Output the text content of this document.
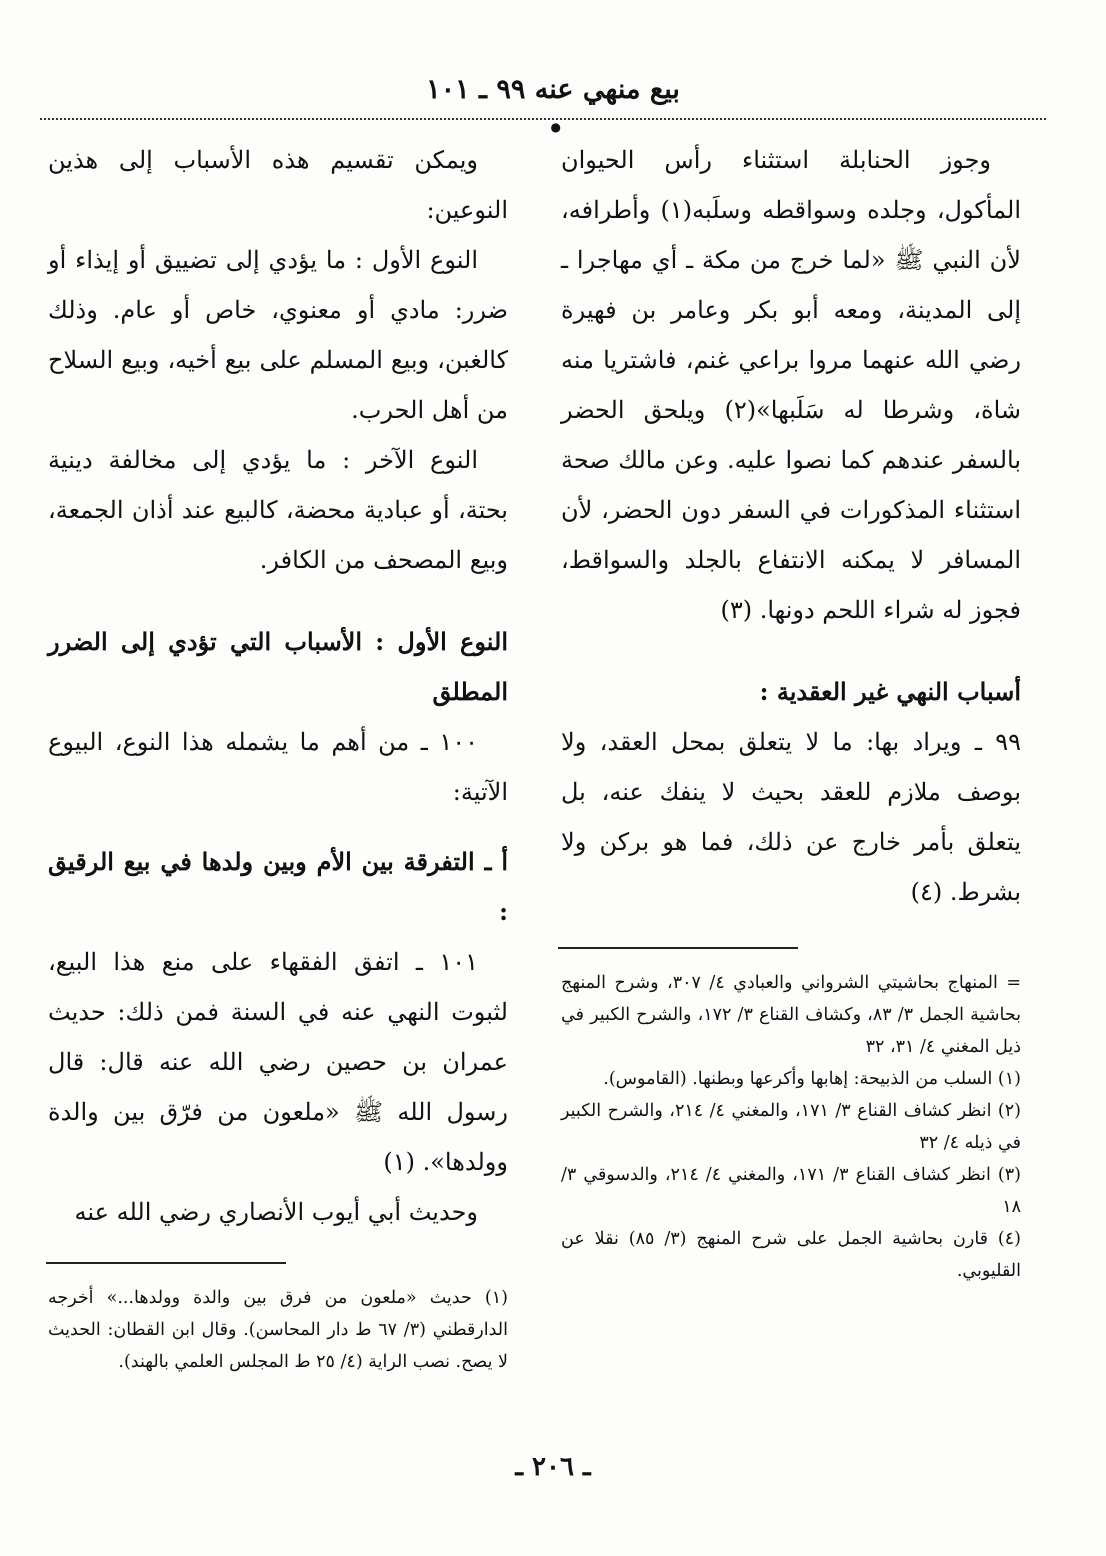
بيع منهي عنه ٩٩ ـ ١٠١
●

وجوز الحنابلة استثناء رأس الحيوان المأكول، وجلده وسواقطه وسلَبه(١) وأطرافه، لأن النبي ﷺ «لما خرج من مكة ـ أي مهاجرا ـ إلى المدينة، ومعه أبو بكر وعامر بن فهيرة رضي الله عنهما مروا براعي غنم، فاشتريا منه شاة، وشرطا له سَلَبها»(٢) ويلحق الحضر بالسفر عندهم كما نصوا عليه. وعن مالك صحة استثناء المذكورات في السفر دون الحضر، لأن المسافر لا يمكنه الانتفاع بالجلد والسواقط، فجوز له شراء اللحم دونها. (٣)

أسباب النهي غير العقدية :

٩٩ ـ ويراد بها: ما لا يتعلق بمحل العقد، ولا بوصف ملازم للعقد بحيث لا ينفك عنه، بل يتعلق بأمر خارج عن ذلك، فما هو بركن ولا بشرط. (٤)

= المنهاج بحاشيتي الشرواني والعبادي ٤/ ٣٠٧، وشرح المنهج بحاشية الجمل ٣/ ٨٣، وكشاف القناع ٣/ ١٧٢، والشرح الكبير في ذيل المغني ٤/ ٣١، ٣٢

(١) السلب من الذبيحة: إهابها وأكرعها وبطنها. (القاموس).

(٢) انظر كشاف القناع ٣/ ١٧١، والمغني ٤/ ٢١٤، والشرح الكبير في ذيله ٤/ ٣٢

(٣) انظر كشاف القناع ٣/ ١٧١، والمغني ٤/ ٢١٤، والدسوقي ٣/ ١٨

(٤) قارن بحاشية الجمل على شرح المنهج (٣/ ٨٥) نقلا عن القليوبي.

ويمكن تقسيم هذه الأسباب إلى هذين النوعين:

النوع الأول : ما يؤدي إلى تضييق أو إيذاء أو ضرر: مادي أو معنوي، خاص أو عام. وذلك كالغبن، وبيع المسلم على بيع أخيه، وبيع السلاح من أهل الحرب.

النوع الآخر : ما يؤدي إلى مخالفة دينية بحتة، أو عبادية محضة، كالبيع عند أذان الجمعة، وبيع المصحف من الكافر.

النوع الأول : الأسباب التي تؤدي إلى الضرر المطلق

١٠٠ ـ من أهم ما يشمله هذا النوع، البيوع الآتية:

أ ـ التفرقة بين الأم وبين ولدها في بيع الرقيق :

١٠١ ـ اتفق الفقهاء على منع هذا البيع، لثبوت النهي عنه في السنة فمن ذلك: حديث عمران بن حصين رضي الله عنه قال: قال رسول الله ﷺ «ملعون من فرّق بين والدة وولدها». (١)

وحديث أبي أيوب الأنصاري رضي الله عنه

(١) حديث «ملعون من فرق بين والدة وولدها...» أخرجه الدارقطني (٣/ ٦٧ ط دار المحاسن). وقال ابن القطان: الحديث لا يصح. نصب الراية (٤/ ٢٥ ط المجلس العلمي بالهند).

ـ ٢٠٦ ـ
